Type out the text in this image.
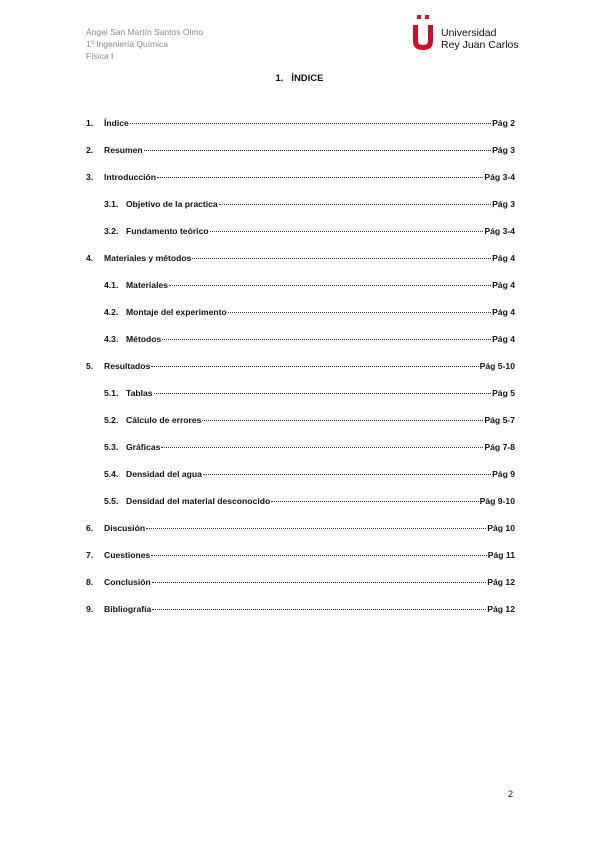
Ángel San Martín Santos Olmo
1º Ingeniería Química
Física I
Universidad
Rey Juan Carlos
1.   ÍNDICE
1.	Índice	Pág 2
2.	Resumen	Pág 3
3.	Introducción	Pág 3-4
3.1. Objetivo de la practica	Pág 3
3.2. Fundamento teórico	Pág 3-4
4.	Materiales y métodos	Pág 4
4.1. Materiales	Pág 4
4.2. Montaje del experimento	Pág 4
4.3. Métodos	Pág 4
5.	Resultados	Pág 5-10
5.1. Tablas	Pág 5
5.2. Cálculo de errores	Pág 5-7
5.3. Gráficas	Pág 7-8
5.4. Densidad del agua	Pág 9
5.5. Densidad del material desconocido	Pág 9-10
6.	Discusión	Pág 10
7.	Cuestiones	Pág 11
8.	Conclusión	Pág 12
9.	Bibliografía	Pág 12
2
